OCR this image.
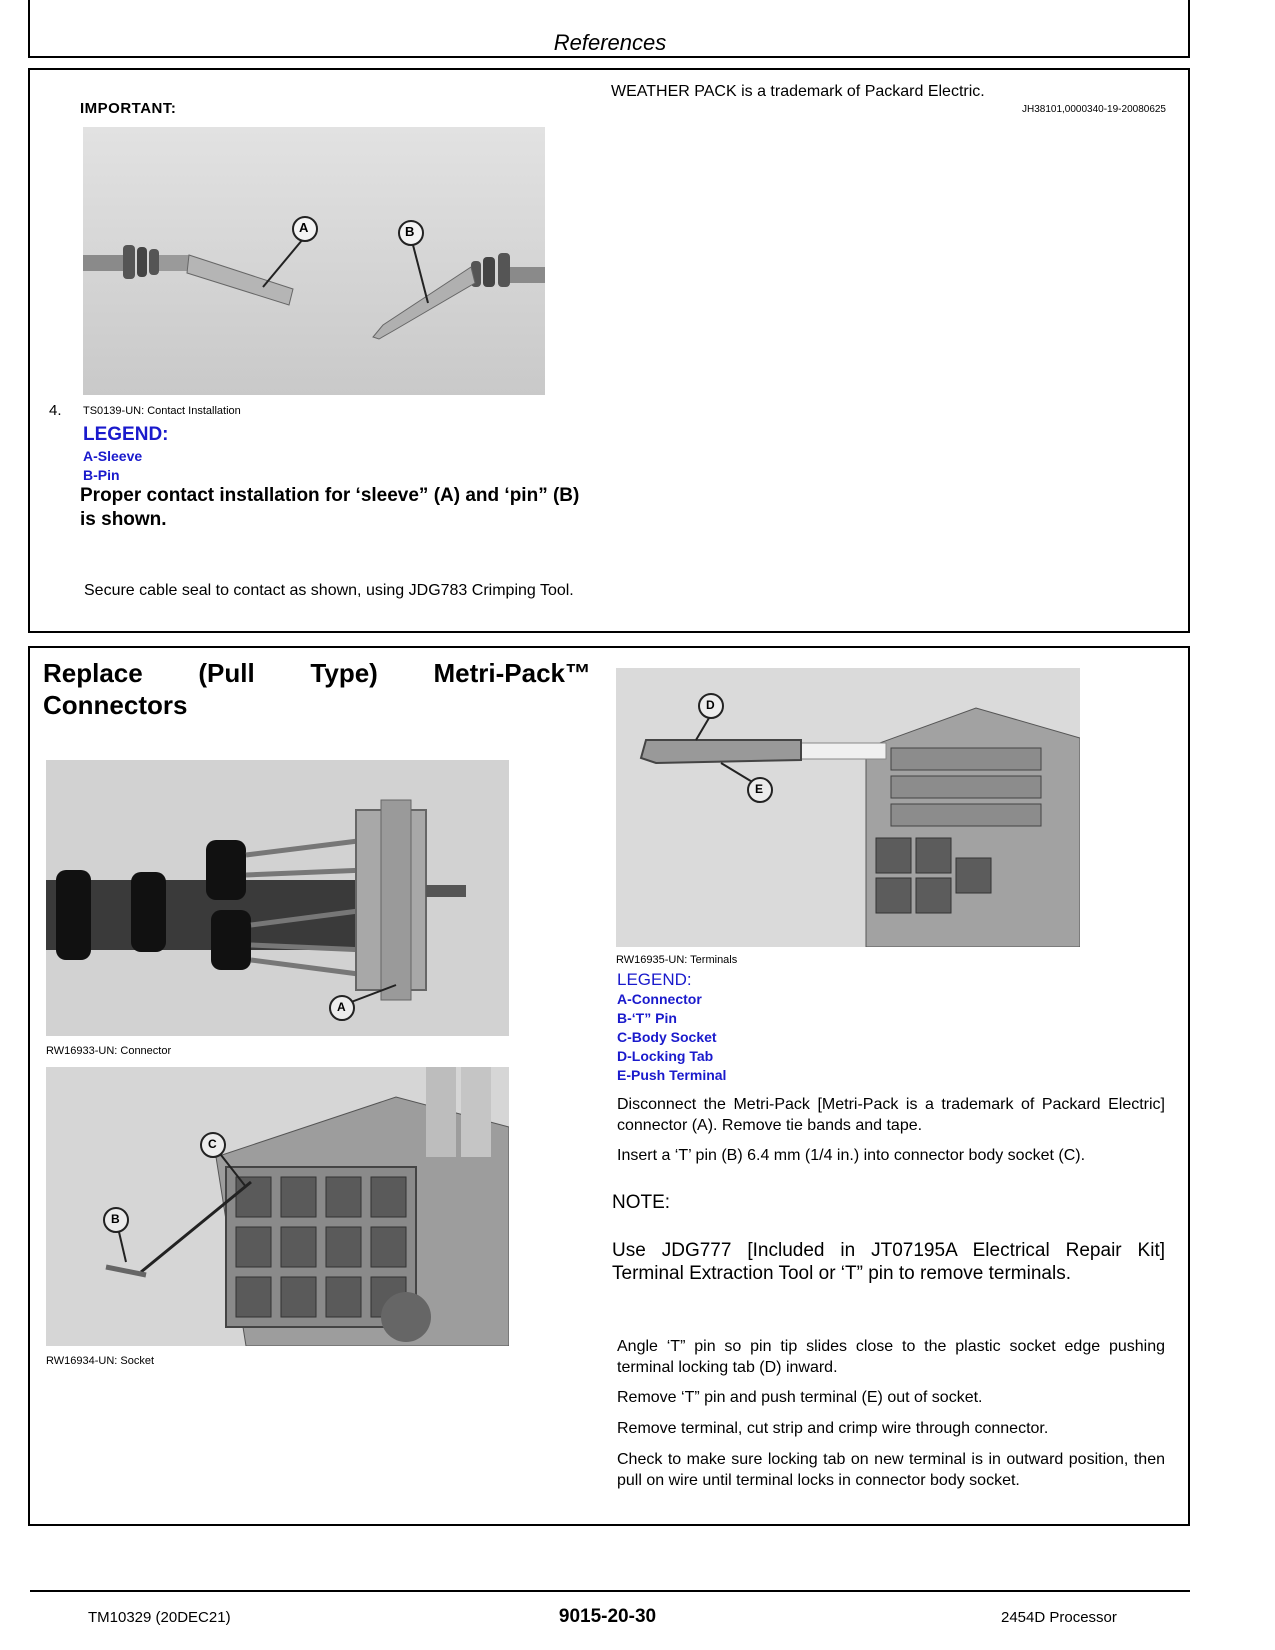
References
IMPORTANT:
A	B
4. TS0139-UN: Contact Installation
LEGEND:
A-Sleeve
B-Pin
Proper contact installation for ‘sleeve” (A) and ‘pin” (B) is shown.
Secure cable seal to contact as shown, using JDG783 Crimping Tool.
WEATHER PACK is a trademark of Packard Electric.
JH38101,0000340-19-20080625
Replace (Pull Type) Metri-Pack™ Connectors
A
RW16933-UN: Connector
C
B
RW16934-UN: Socket
D
E
RW16935-UN: Terminals
LEGEND:
A-Connector
B-‘T” Pin
C-Body Socket
D-Locking Tab
E-Push Terminal
Disconnect the Metri-Pack [Metri-Pack is a trademark of Packard Electric] connector (A). Remove tie bands and tape.
Insert a ‘T’ pin (B) 6.4 mm (1/4 in.) into connector body socket (C).
NOTE:
Use JDG777 [Included in JT07195A Electrical Repair Kit] Terminal Extraction Tool or ‘T” pin to remove terminals.
Angle ‘T” pin so pin tip slides close to the plastic socket edge pushing terminal locking tab (D) inward.
Remove ‘T” pin and push terminal (E) out of socket.
Remove terminal, cut strip and crimp wire through connector.
Check to make sure locking tab on new terminal is in outward position, then pull on wire until terminal locks in connector body socket.
TM10329 (20DEC21)	9015-20-30	2454D Processor
